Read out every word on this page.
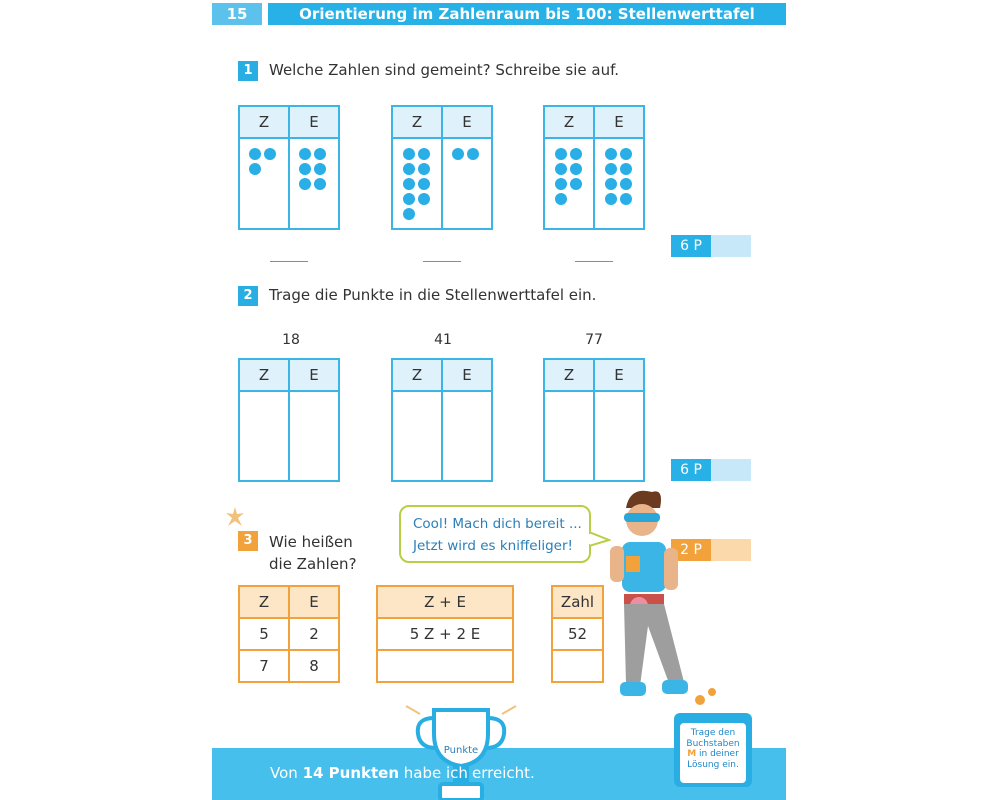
15	Orientierung im Zahlenraum bis 100: Stellenwerttafel
1	Welche Zahlen sind gemeint? Schreibe sie auf.
Z	E	Z	E	Z	E
6 P
2	Trage die Punkte in die Stellenwerttafel ein.
18	41	77
Z	E	Z	E	Z	E
6 P
3	Wie heißen
die Zahlen?
Cool! Mach dich bereit ...
Jetzt wird es kniffeliger!	2 P
Z	E
5	2
7	8
Z + E
5 Z + 2 E
Zahl
52
Punkte
Von 14 Punkten habe ich erreicht.
Trage den
Buchstaben
M in deiner
Lösung ein.
